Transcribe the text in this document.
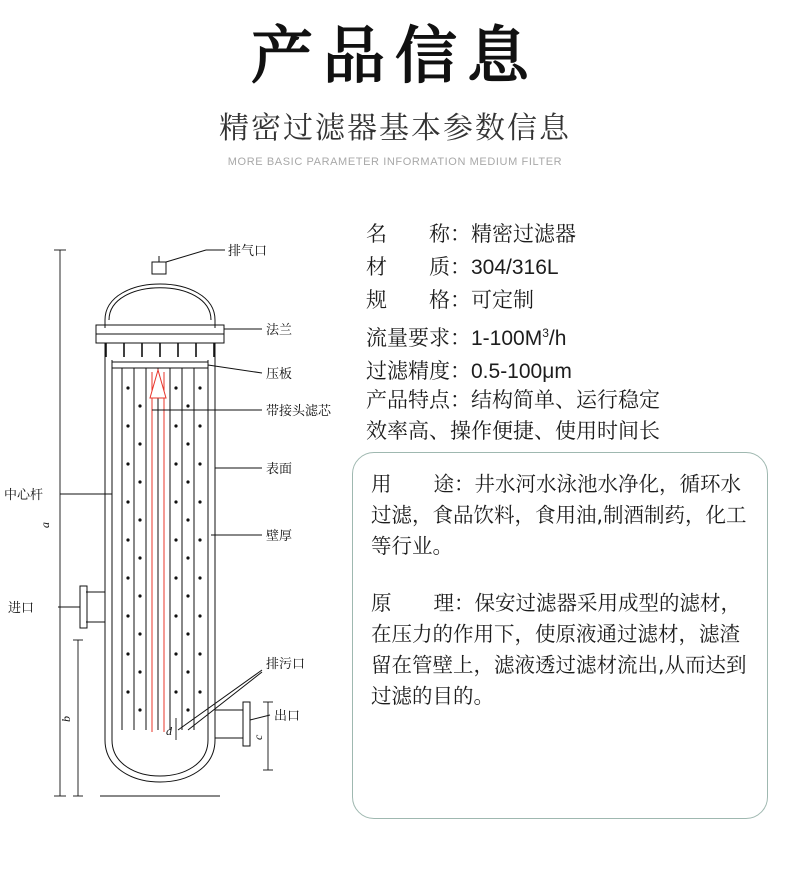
产品信息
精密过滤器基本参数信息
MORE BASIC PARAMETER INFORMATION MEDIUM FILTER
名 称：精密过滤器
材 质：304/316L
规 格：可定制
流量要求：$1-100M^3/h$
过滤精度：0.5-100μm
产品特点：结构简单、运行稳定
效率高、操作便捷、使用时间长
用 途：井水河水泳池水净化，循环水过滤，食品饮料，食用油,制酒制药，化工等行业。
原 理：保安过滤器采用成型的滤材，在压力的作用下，使原液通过滤材，滤渣留在管壁上，滤液透过滤材流出,从而达到过滤的目的。
排气口
法兰
压板
带接头滤芯
表面
壁厚
中心杆
进口
排污口
出口
a
b
c
d
